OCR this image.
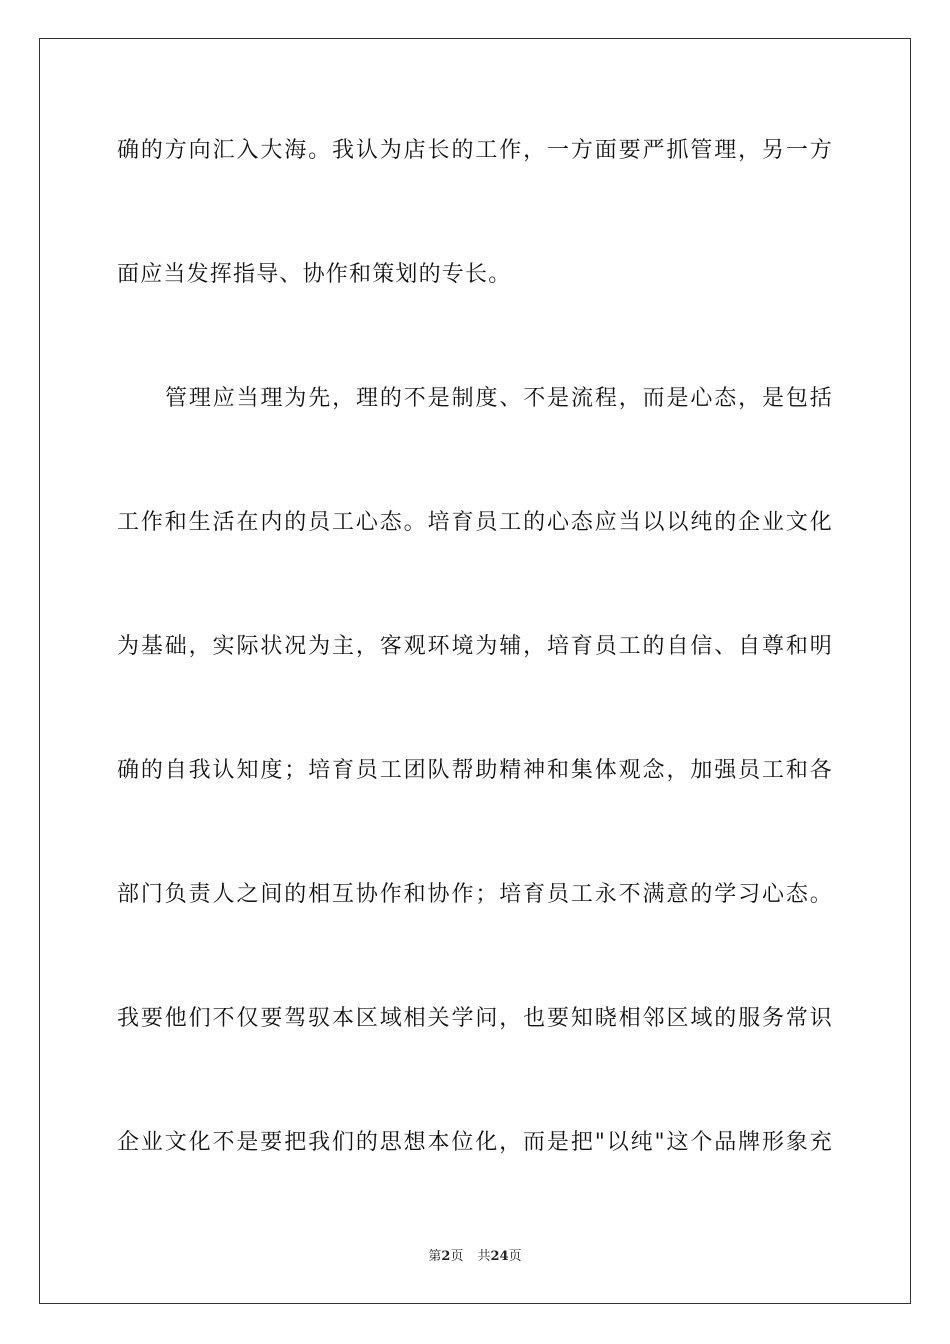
确的方向汇入大海。我认为店长的工作，一方面要严抓管理，另一方
面应当发挥指导、协作和策划的专长。
管理应当理为先，理的不是制度、不是流程，而是心态，是包括
工作和生活在内的员工心态。培育员工的心态应当以以纯的企业文化
为基础，实际状况为主，客观环境为辅，培育员工的自信、自尊和明
确的自我认知度；培育员工团队帮助精神和集体观念，加强员工和各
部门负责人之间的相互协作和协作；培育员工永不满意的学习心态。
我要他们不仅要驾驭本区域相关学问，也要知晓相邻区域的服务常识
企业文化不是要把我们的思想本位化，而是把"以纯"这个品牌形象充
第2页 共24页
